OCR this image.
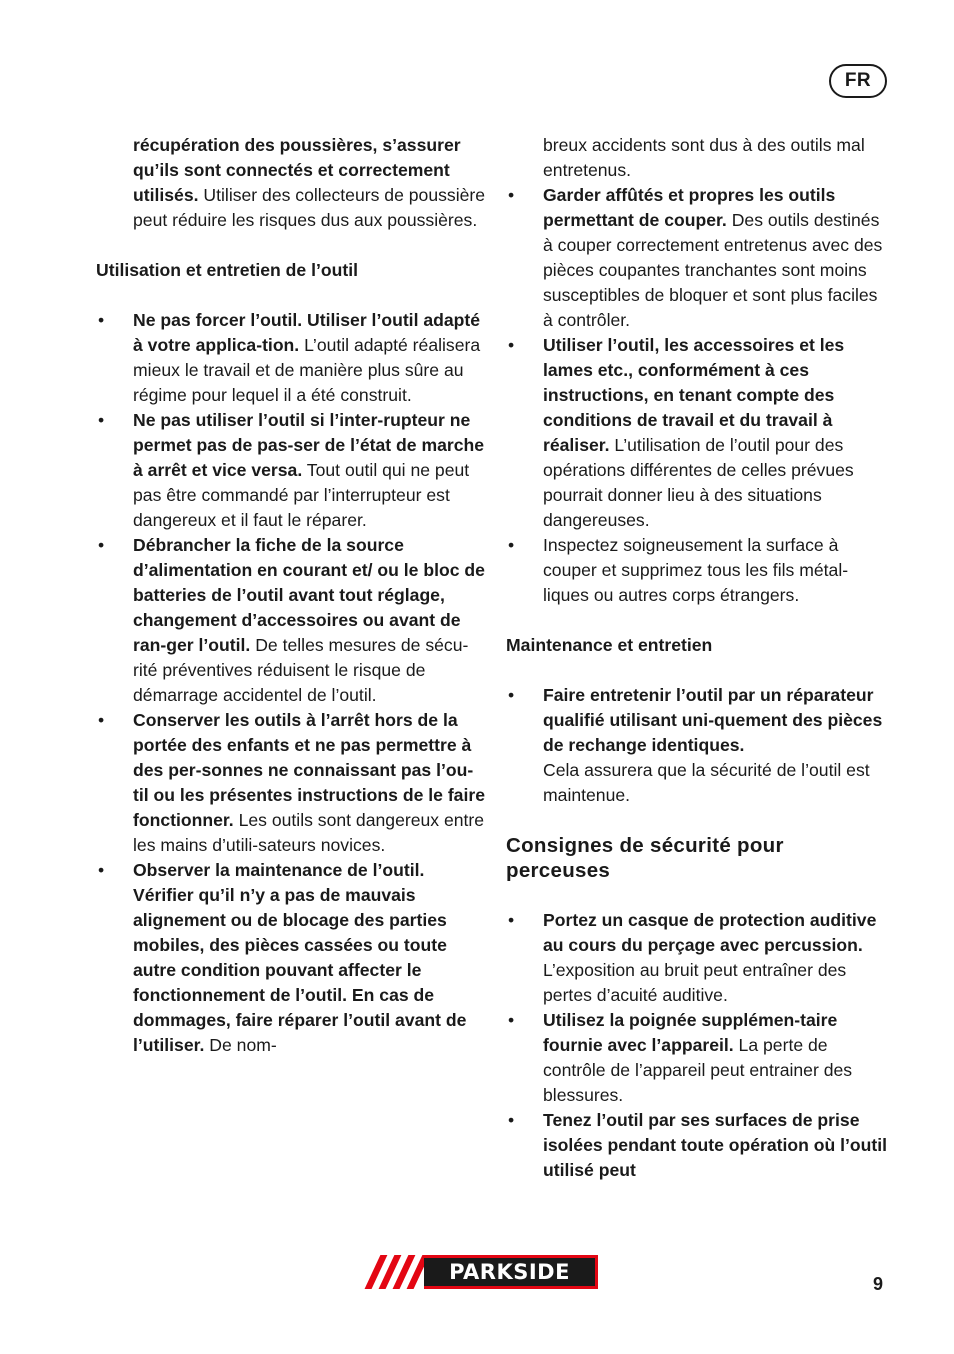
FR

récupération des poussières, s’assurer qu’ils sont connectés et correctement utilisés. Utiliser des collecteurs de poussière peut réduire les risques dus aux poussières.

Utilisation et entretien de l’outil

• Ne pas forcer l’outil. Utiliser l’outil adapté à votre applica-tion. L’outil adapté réalisera mieux le travail et de manière plus sûre au régime pour lequel il a été construit.

• Ne pas utiliser l’outil si l’inter-rupteur ne permet pas de pas-ser de l’état de marche à arrêt et vice versa. Tout outil qui ne peut pas être commandé par l’interrupteur est dangereux et il faut le réparer.

• Débrancher la fiche de la source d’alimentation en courant et/ ou le bloc de batteries de l’outil avant tout réglage, changement d’accessoires ou avant de ran-ger l’outil. De telles mesures de sécu-rité préventives réduisent le risque de démarrage accidentel de l’outil.

• Conserver les outils à l’arrêt hors de la portée des enfants et ne pas permettre à des per-sonnes ne connaissant pas l’ou-til ou les présentes instructions de le faire fonctionner. Les outils sont dangereux entre les mains d’utili-sateurs novices.

• Observer la maintenance de l’outil. Vérifier qu’il n’y a pas de mauvais alignement ou de blocage des parties mobiles, des pièces cassées ou toute autre condition pouvant affecter le fonctionnement de l’outil. En cas de dommages, faire réparer l’outil avant de l’utiliser. De nom-

breux accidents sont dus à des outils mal entretenus.

• Garder affûtés et propres les outils permettant de couper. Des outils destinés à couper correctement entretenus avec des pièces coupantes tranchantes sont moins susceptibles de bloquer et sont plus faciles à contrôler.

• Utiliser l’outil, les accessoires et les lames etc., conformément à ces instructions, en tenant compte des conditions de travail et du travail à réaliser. L’utilisation de l’outil pour des opérations différentes de celles prévues pourrait donner lieu à des situations dangereuses.

• Inspectez soigneusement la surface à couper et supprimez tous les fils métal-liques ou autres corps étrangers.

Maintenance et entretien

• Faire entretenir l’outil par un réparateur qualifié utilisant uni-quement des pièces de rechange identiques.

Cela assurera que la sécurité de l’outil est maintenue.

Consignes de sécurité pour perceuses

• Portez un casque de protection auditive au cours du perçage avec percussion. L’exposition au bruit peut entraîner des pertes d’acuité auditive.

• Utilisez la poignée supplémen-taire fournie avec l’appareil. La perte de contrôle de l’appareil peut entrainer des blessures.

• Tenez l’outil par ses surfaces de prise isolées pendant toute opération où l’outil utilisé peut

PARKSIDE	9
